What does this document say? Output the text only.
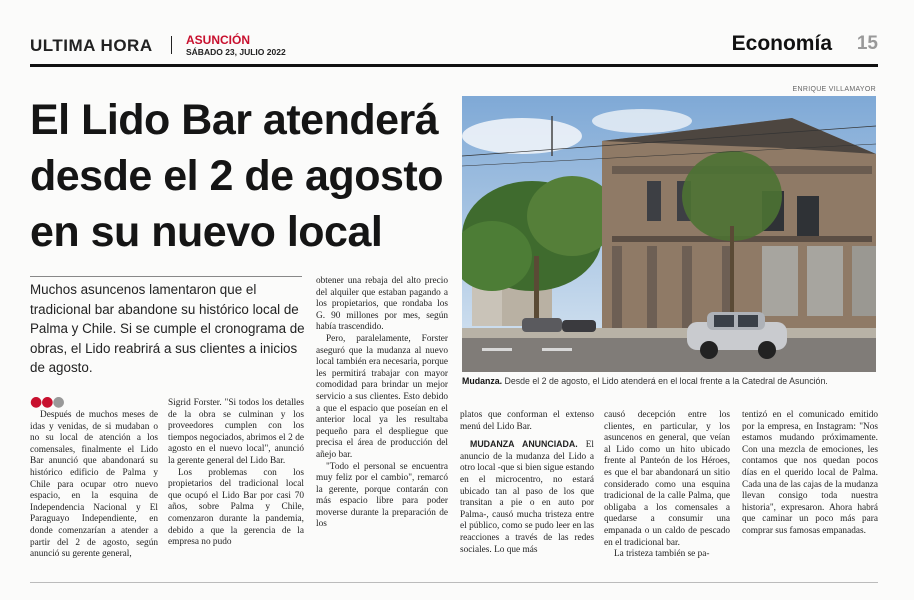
ULTIMA HORA	ASUNCIÓN
SÁBADO 23, JULIO 2022	Economía 15
El Lido Bar atenderá desde el 2 de agosto en su nuevo local
ENRIQUE VILLAMAYOR
Mudanza. Desde el 2 de agosto, el Lido atenderá en el local frente a la Catedral de Asunción.

Muchos asuncenos lamentaron que el tradicional bar abandone su histórico local de Palma y Chile. Si se cumple el cronograma de obras, el Lido reabrirá a sus clientes a inicios de agosto.

●●●

Después de muchos meses de idas y venidas, de si mudaban o no su local de atención a los comensales, finalmente el Lido Bar anunció que abandonará su histórico edificio de Palma y Chile para ocupar otro nuevo espacio, en la esquina de Independencia Nacional y El Paraguayo Independiente, en donde comenzarían a atender a partir del 2 de agosto, según anunció su gerente general,

Sigrid Forster. "Si todos los detalles de la obra se culminan y los proveedores cumplen con los tiempos negociados, abrimos el 2 de agosto en el nuevo local", anunció la gerente general del Lido Bar.

Los problemas con los propietarios del tradicional local que ocupó el Lido Bar por casi 70 años, sobre Palma y Chile, comenzaron durante la pandemia, debido a que la gerencia de la empresa no pudo

obtener una rebaja del alto precio del alquiler que estaban pagando a los propietarios, que rondaba los G. 90 millones por mes, según había trascendido.

Pero, paralelamente, Forster aseguró que la mudanza al nuevo local también era necesaria, porque les permitirá trabajar con mayor comodidad para brindar un mejor servicio a sus clientes. Esto debido a que el espacio que poseían en el anterior local ya les resultaba pequeño para el despliegue que precisa el área de producción del añejo bar.

"Todo el personal se encuentra muy feliz por el cambio", remarcó la gerente, porque contarán con más espacio libre para poder moverse durante la preparación de los

platos que conforman el extenso menú del Lido Bar.

MUDANZA ANUNCIADA. El anuncio de la mudanza del Lido a otro local -que si bien sigue estando en el microcentro, no estará ubicado tan al paso de los que transitan a pie o en auto por Palma-, causó mucha tristeza entre el público, como se pudo leer en las reacciones a través de las redes sociales. Lo que más

causó decepción entre los clientes, en particular, y los asuncenos en general, que veían al Lido como un hito ubicado frente al Panteón de los Héroes, es que el bar abandonará un sitio considerado como una esquina tradicional de la calle Palma, que obligaba a los comensales a quedarse a consumir una empanada o un caldo de pescado en el tradicional bar.

La tristeza también se pa-

tentizó en el comunicado emitido por la empresa, en Instagram: "Nos estamos mudando próximamente. Con una mezcla de emociones, les contamos que nos quedan pocos días en el querido local de Palma. Cada una de las cajas de la mudanza llevan consigo toda nuestra historia", expresaron. Ahora habrá que caminar un poco más para comprar sus famosas empanadas.
